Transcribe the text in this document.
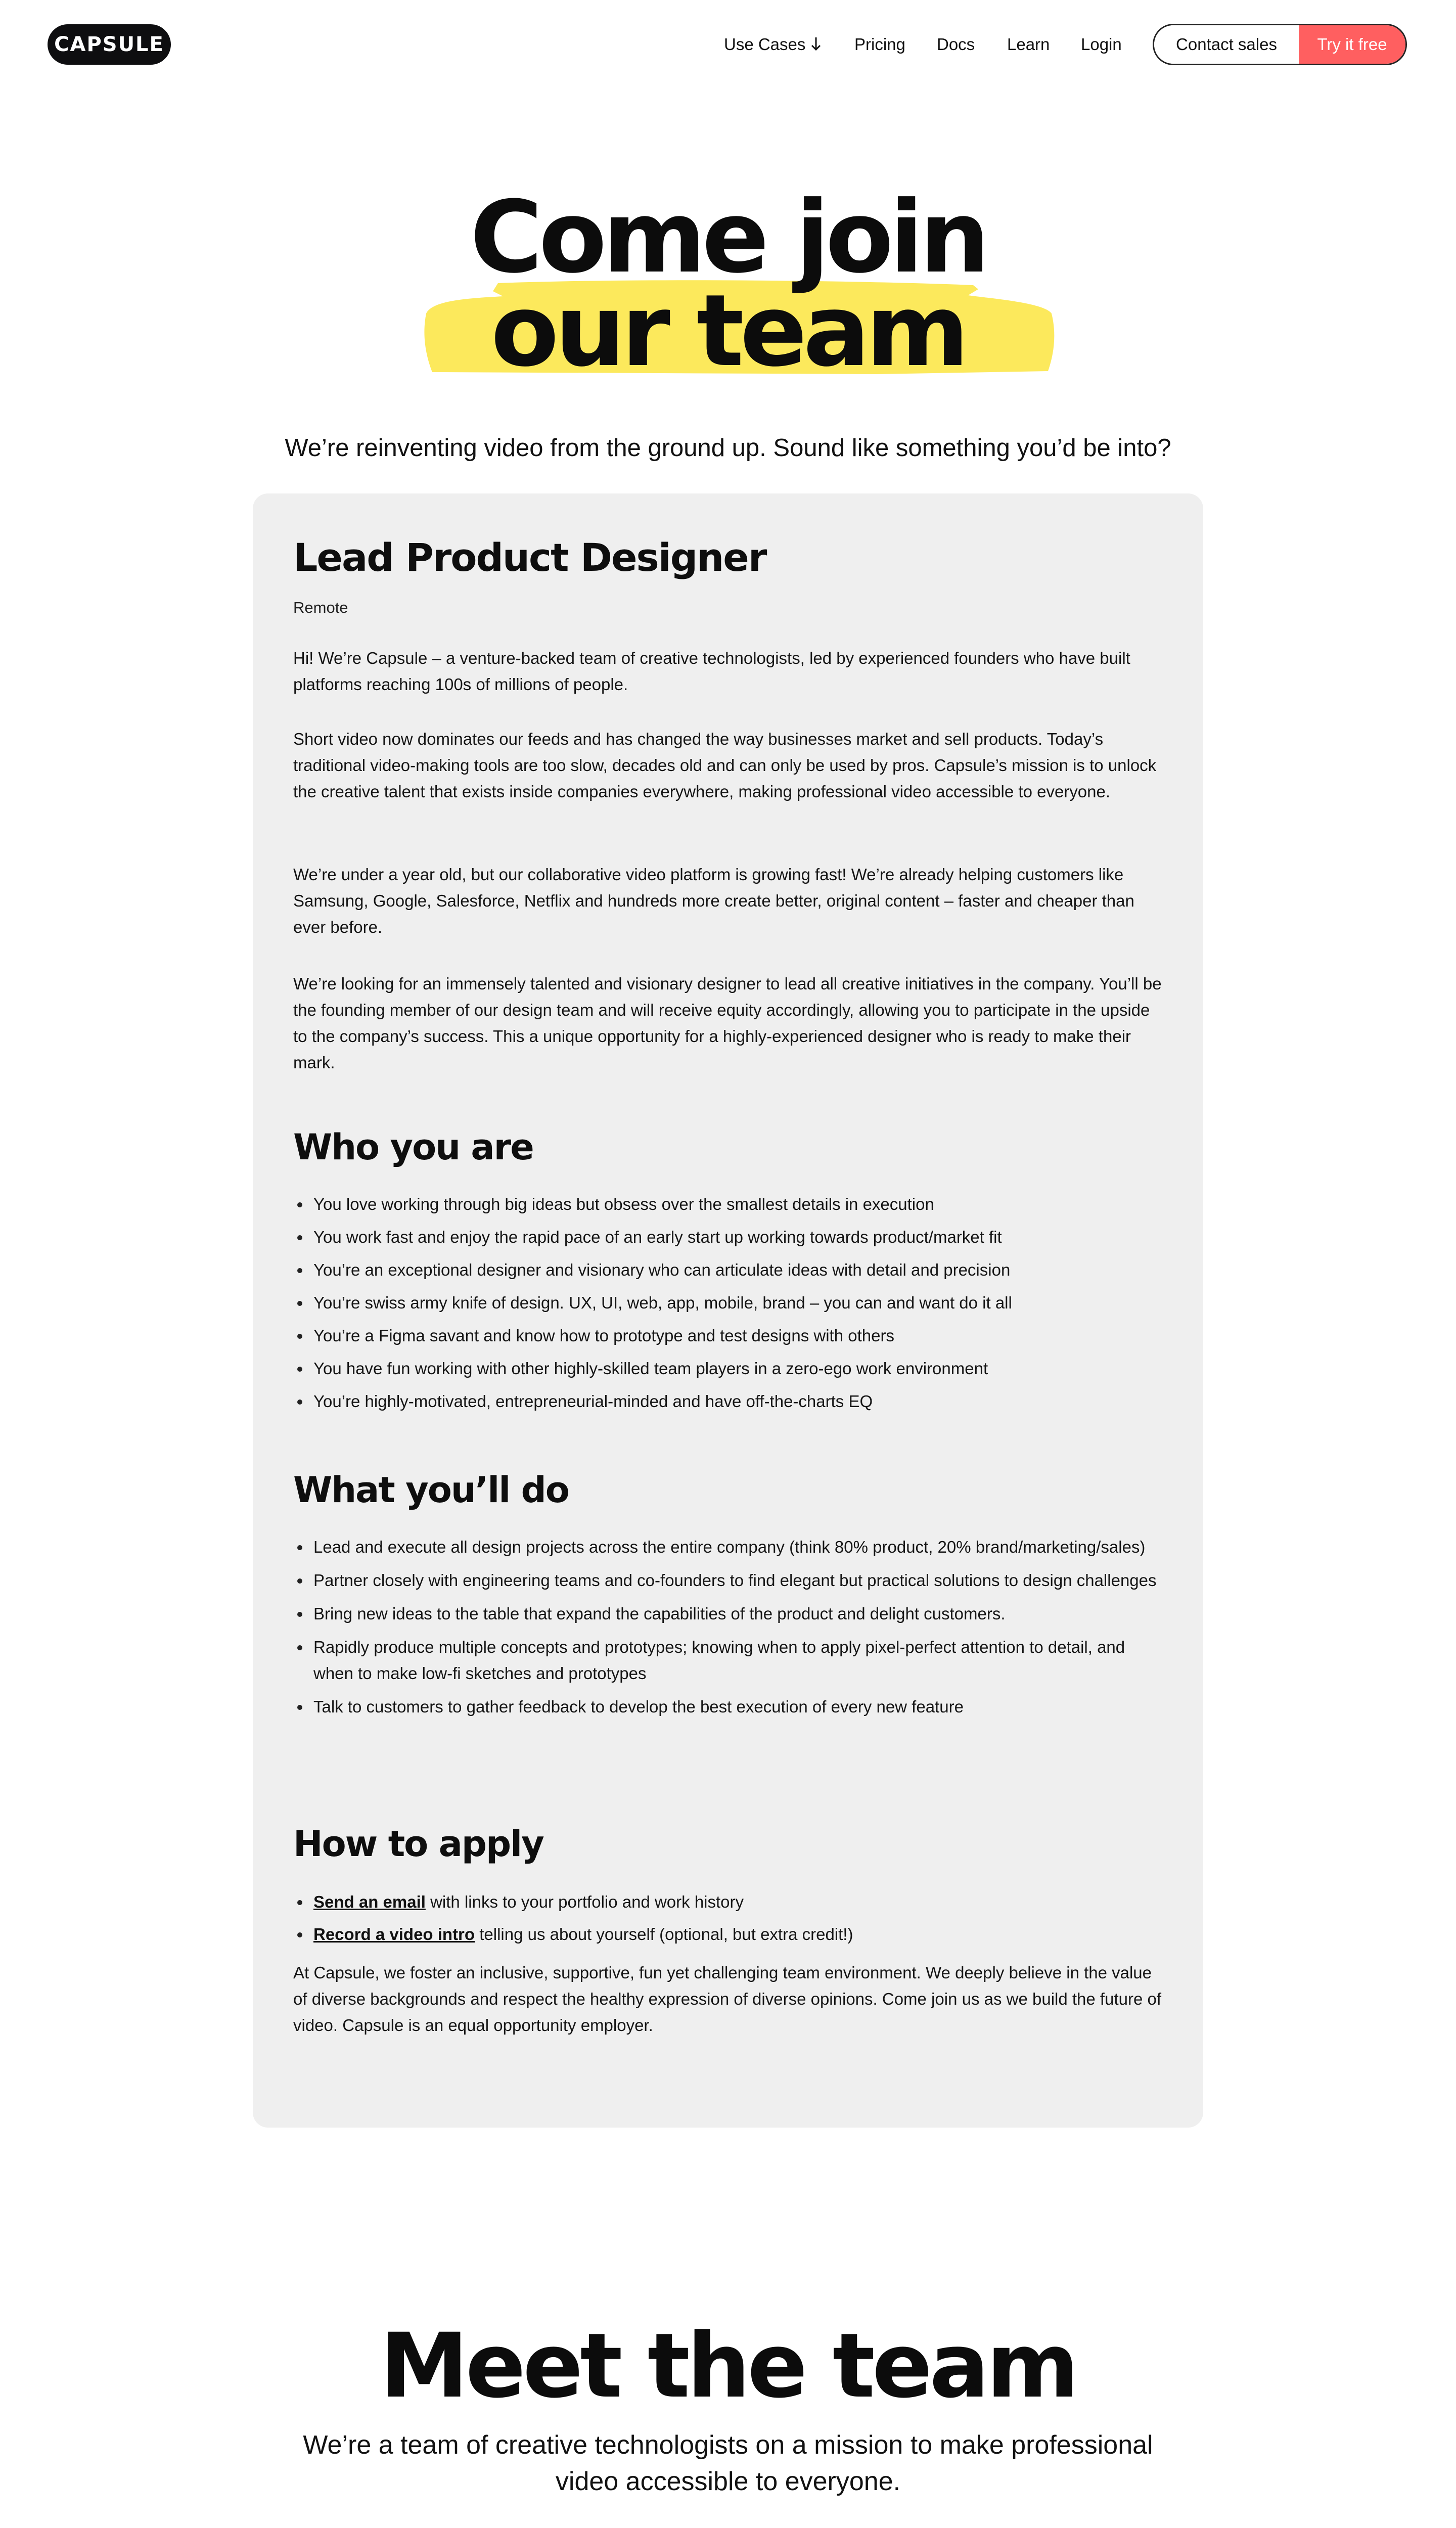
CAPSULE	Use Cases	Pricing Docs Learn Login	Contact sales	Try it free
Come join
our team
We’re reinventing video from the ground up. Sound like something you’d be into?
Lead Product Designer
Remote

Hi! We’re Capsule – a venture-backed team of creative technologists, led by experienced founders who have built platforms reaching 100s of millions of people.

Short video now dominates our feeds and has changed the way businesses market and sell products. Today’s traditional video-making tools are too slow, decades old and can only be used by pros. Capsule’s mission is to unlock the creative talent that exists inside companies everywhere, making professional video accessible to everyone.

We’re under a year old, but our collaborative video platform is growing fast! We’re already helping customers like Samsung, Google, Salesforce, Netflix and hundreds more create better, original content – faster and cheaper than ever before.

We’re looking for an immensely talented and visionary designer to lead all creative initiatives in the company. You’ll be the founding member of our design team and will receive equity accordingly, allowing you to participate in the upside to the company’s success. This a unique opportunity for a highly-experienced designer who is ready to make their mark.

Who you are
You love working through big ideas but obsess over the smallest details in execution
You work fast and enjoy the rapid pace of an early start up working towards product/market fit
You’re an exceptional designer and visionary who can articulate ideas with detail and precision
You’re swiss army knife of design. UX, UI, web, app, mobile, brand – you can and want do it all
You’re a Figma savant and know how to prototype and test designs with others
You have fun working with other highly-skilled team players in a zero-ego work environment
You’re highly-motivated, entrepreneurial-minded and have off-the-charts EQ
What you’ll do
Lead and execute all design projects across the entire company (think 80% product, 20% brand/marketing/sales)
Partner closely with engineering teams and co-founders to find elegant but practical solutions to design challenges
Bring new ideas to the table that expand the capabilities of the product and delight customers.
Rapidly produce multiple concepts and prototypes; knowing when to apply pixel-perfect attention to detail, and when to make low-fi sketches and prototypes
Talk to customers to gather feedback to develop the best execution of every new feature
How to apply
Send an email with links to your portfolio and work history
Record a video intro telling us about yourself (optional, but extra credit!)

At Capsule, we foster an inclusive, supportive, fun yet challenging team environment. We deeply believe in the value of diverse backgrounds and respect the healthy expression of diverse opinions. Come join us as we build the future of video. Capsule is an equal opportunity employer.

Meet the team
We’re a team of creative technologists on a mission to make professional video accessible to everyone.
